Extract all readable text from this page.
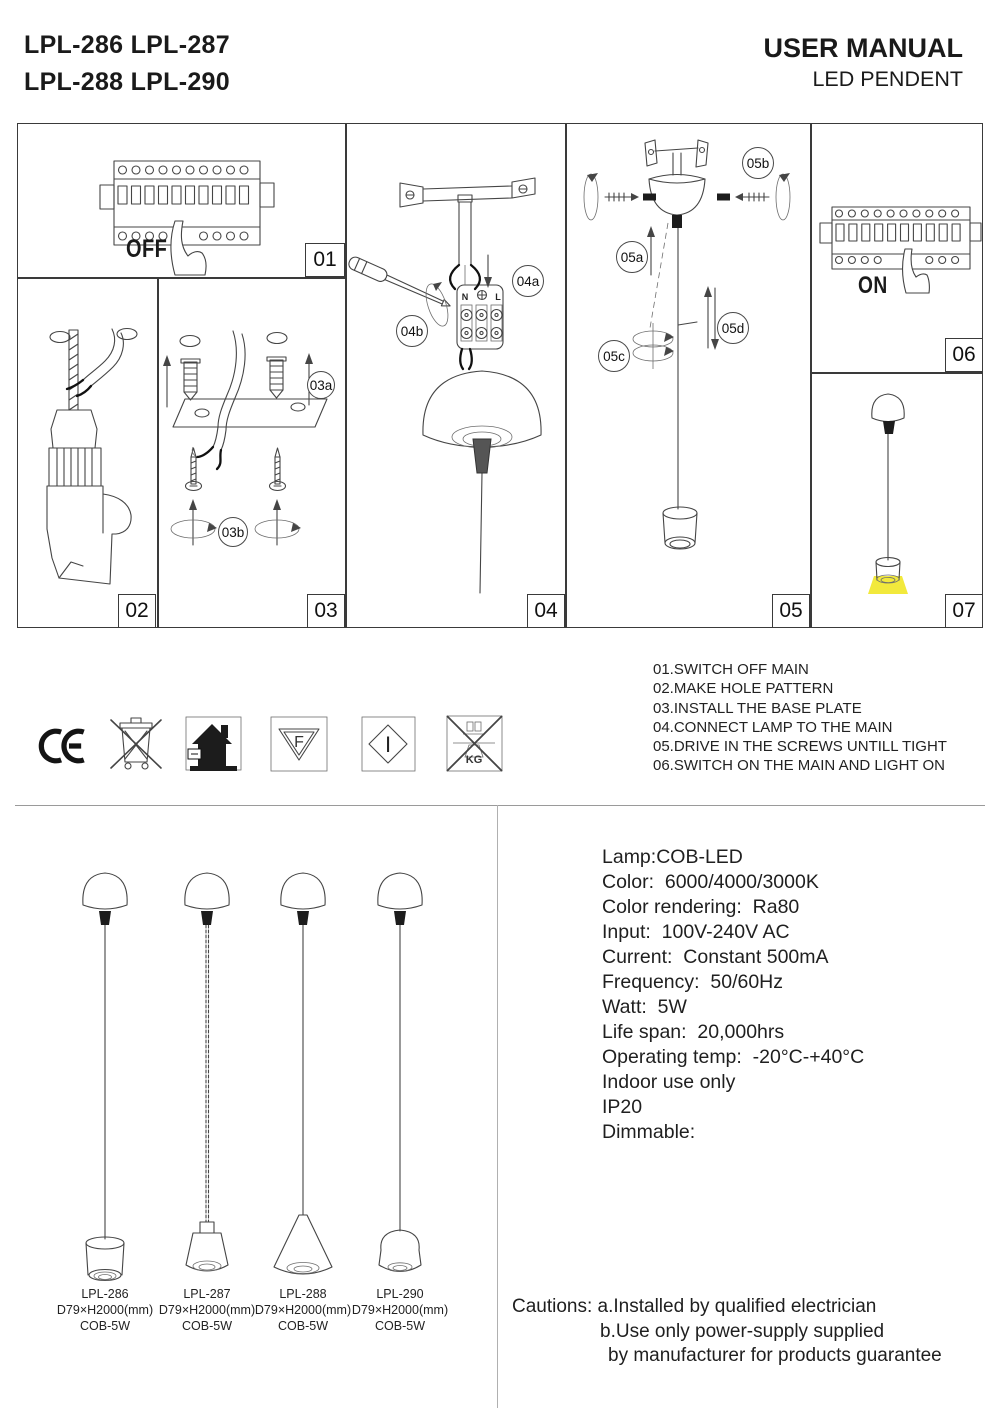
LPL-286 LPL-287
LPL-288 LPL-290
USER MANUAL
LED PENDENT
OFF	01
02
03a
03b
03
N	L
04a
04b
04
05a
05b
05c
05d
05
ON
06
07
01.SWITCH OFF MAIN
02.MAKE HOLE PATTERN
03.INSTALL THE BASE PLATE
04.CONNECT LAMP TO THE MAIN
05.DRIVE IN THE SCREWS UNTILL TIGHT
06.SWITCH ON THE MAIN AND LIGHT ON
F	I
KG
LPL-286
D79×H2000(mm)
COB-5W
LPL-287
D79×H2000(mm)
COB-5W
LPL-288
D79×H2000(mm)
COB-5W
LPL-290
D79×H2000(mm)
COB-5W
Lamp:COB-LED
Color:  6000/4000/3000K
Color rendering:  Ra80
Input:  100V-240V AC
Current:  Constant 500mA
Frequency:  50/60Hz
Watt:  5W
Life span:  20,000hrs
Operating temp:  -20°C-+40°C
Indoor use only
IP20
Dimmable:
Cautions: a.Installed by qualified electrician
b.Use only power-supply supplied
by manufacturer for products guarantee
